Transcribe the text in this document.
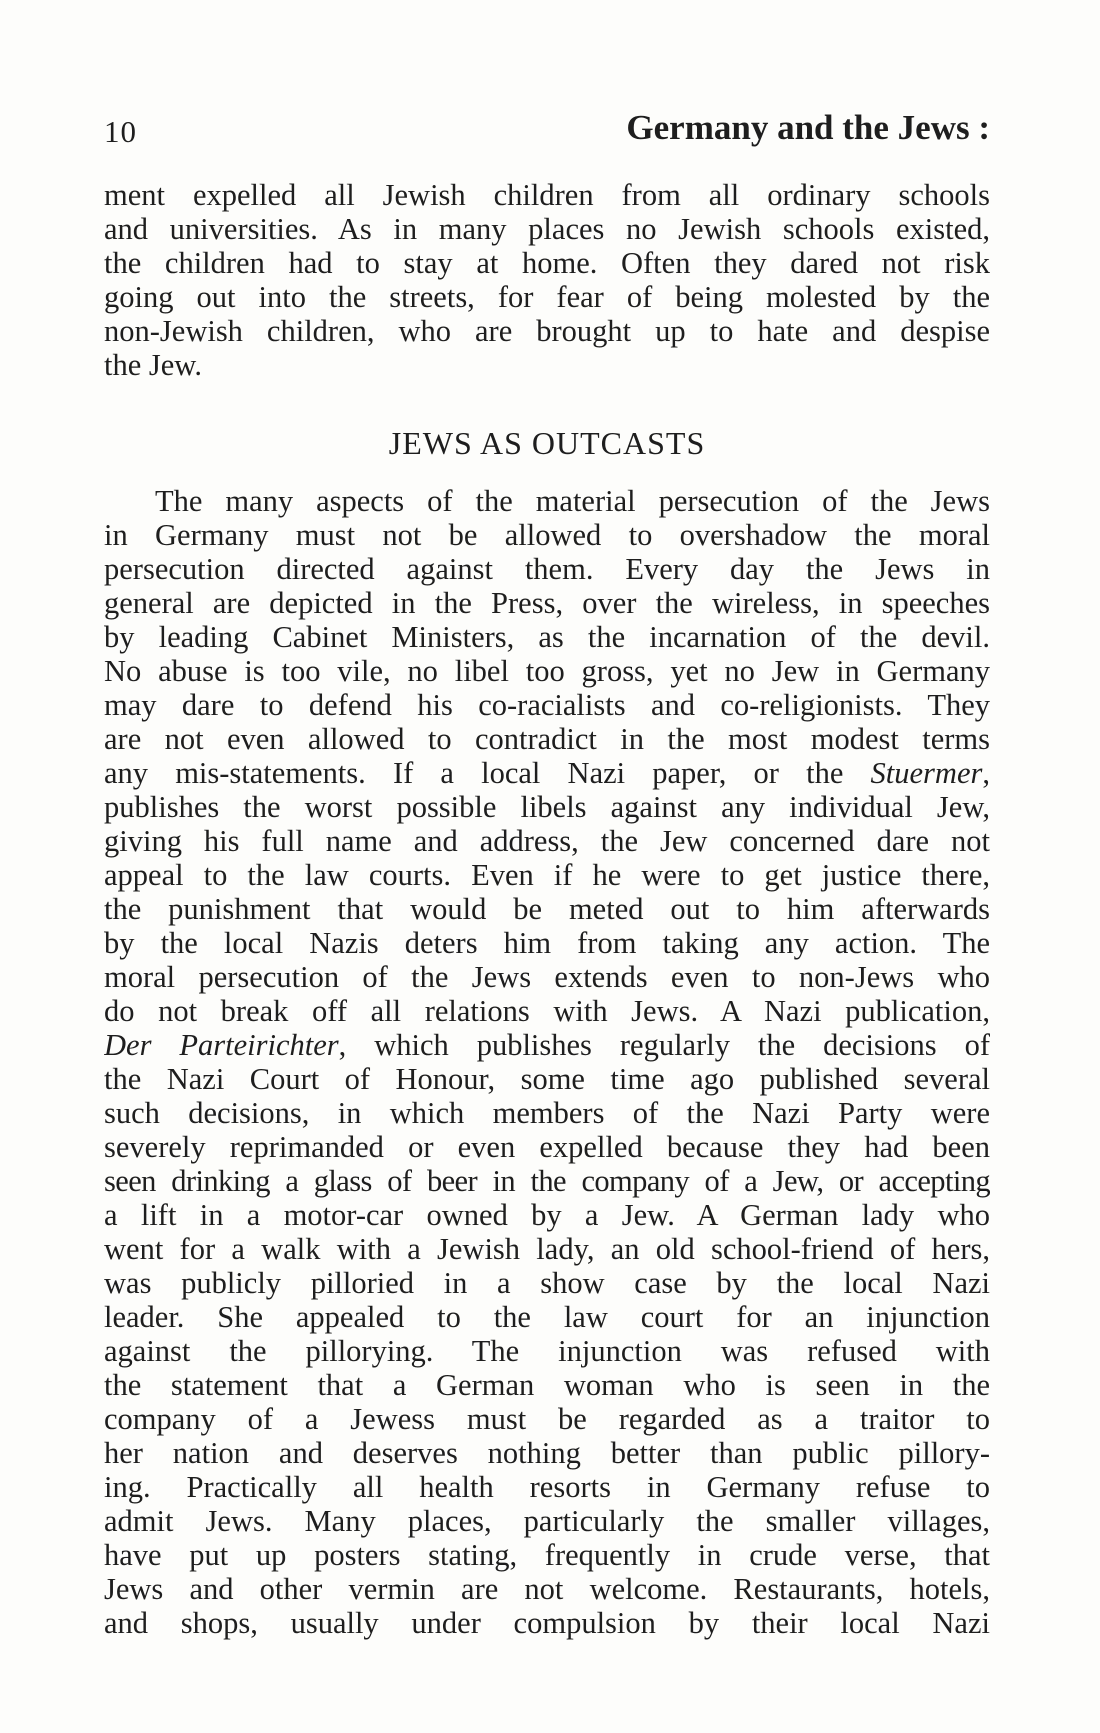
10	Germany and the Jews :
ment expelled all Jewish children from all ordinary schools
and universities. As in many places no Jewish schools existed,
the children had to stay at home. Often they dared not risk
going out into the streets, for fear of being molested by the
non-Jewish children, who are brought up to hate and despise
the Jew.
JEWS AS OUTCASTS
The many aspects of the material persecution of the Jews
in Germany must not be allowed to overshadow the moral
persecution directed against them. Every day the Jews in
general are depicted in the Press, over the wireless, in speeches
by leading Cabinet Ministers, as the incarnation of the devil.
No abuse is too vile, no libel too gross, yet no Jew in Germany
may dare to defend his co-racialists and co-religionists. They
are not even allowed to contradict in the most modest terms
any mis-statements. If a local Nazi paper, or the Stuermer,
publishes the worst possible libels against any individual Jew,
giving his full name and address, the Jew concerned dare not
appeal to the law courts. Even if he were to get justice there,
the punishment that would be meted out to him afterwards
by the local Nazis deters him from taking any action. The
moral persecution of the Jews extends even to non-Jews who
do not break off all relations with Jews. A Nazi publication,
Der Parteirichter, which publishes regularly the decisions of
the Nazi Court of Honour, some time ago published several
such decisions, in which members of the Nazi Party were
severely reprimanded or even expelled because they had been
seen drinking a glass of beer in the company of a Jew, or accepting
a lift in a motor-car owned by a Jew. A German lady who
went for a walk with a Jewish lady, an old school-friend of hers,
was publicly pilloried in a show case by the local Nazi
leader. She appealed to the law court for an injunction
against the pillorying. The injunction was refused with
the statement that a German woman who is seen in the
company of a Jewess must be regarded as a traitor to
her nation and deserves nothing better than public pillory-
ing. Practically all health resorts in Germany refuse to
admit Jews. Many places, particularly the smaller villages,
have put up posters stating, frequently in crude verse, that
Jews and other vermin are not welcome. Restaurants, hotels,
and shops, usually under compulsion by their local Nazi
